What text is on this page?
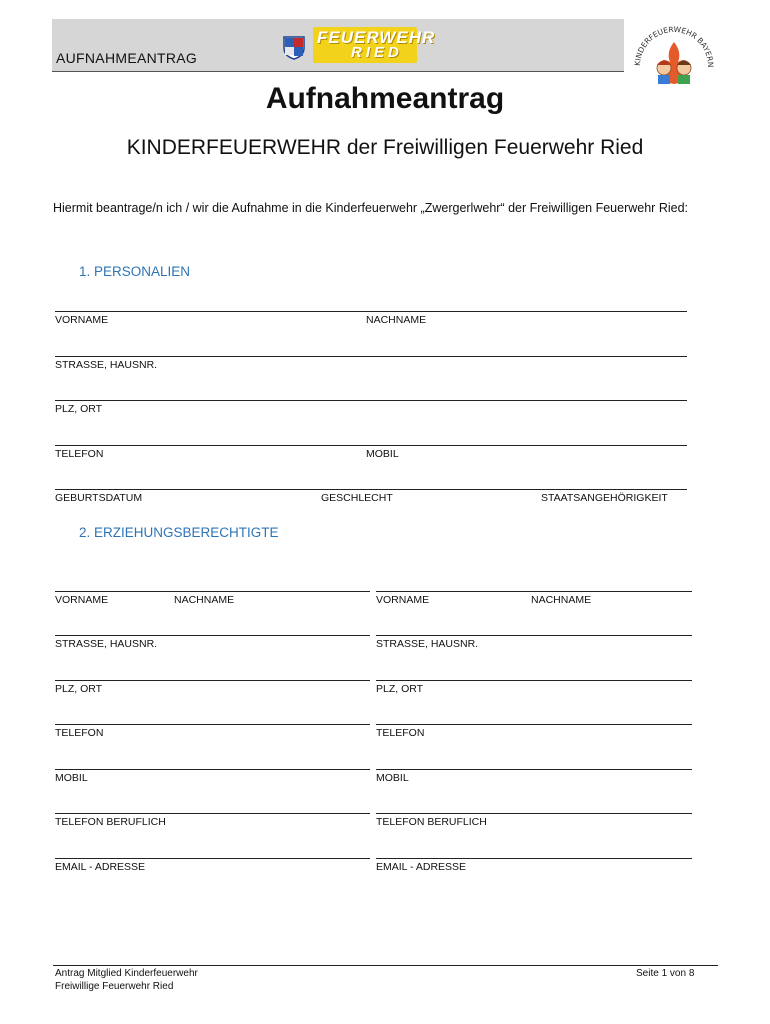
AUFNAHMEANTRAG
FEUERWEHR
RIED
KINDERFEUERWEHR BAYERN
Aufnahmeantrag
KINDERFEUERWEHR der Freiwilligen Feuerwehr Ried
Hiermit beantrage/n ich / wir die Aufnahme in die Kinderfeuerwehr „Zwergerlwehr“ der Freiwilligen Feuerwehr Ried:
1. PERSONALIEN
VORNAME	NACHNAME
STRASSE, HAUSNR.
PLZ, ORT
TELEFON	MOBIL
GEBURTSDATUM	GESCHLECHT	STAATSANGEHÖRIGKEIT
2. ERZIEHUNGSBERECHTIGTE
VORNAME	NACHNAME
STRASSE, HAUSNR.
PLZ, ORT
TELEFON
MOBIL
TELEFON BERUFLICH
EMAIL - ADRESSE
VORNAME	NACHNAME
STRASSE, HAUSNR.
PLZ, ORT
TELEFON
MOBIL
TELEFON BERUFLICH
EMAIL - ADRESSE
Antrag Mitglied Kinderfeuerwehr
Freiwillige Feuerwehr Ried
Seite 1 von 8
